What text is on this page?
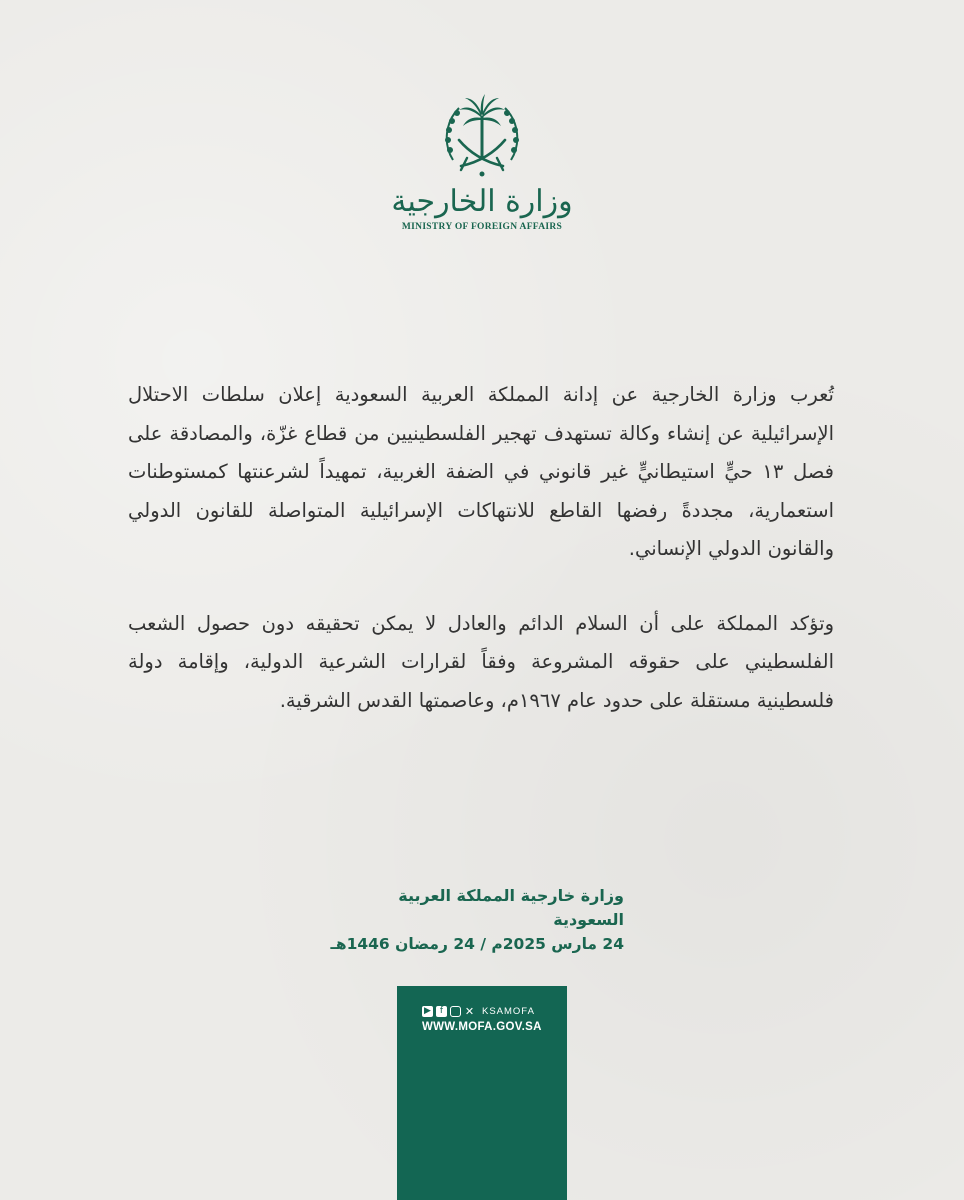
وزارة الخارجية
MINISTRY OF FOREIGN AFFAIRS

تُعرب وزارة الخارجية عن إدانة المملكة العربية السعودية إعلان سلطات الاحتلال الإسرائيلية عن إنشاء وكالة تستهدف تهجير الفلسطينيين من قطاع غزّة، والمصادقة على فصل ١٣ حيٍّ استيطانيٍّ غير قانوني في الضفة الغربية، تمهيداً لشرعنتها كمستوطنات استعمارية، مجددةً رفضها القاطع للانتهاكات الإسرائيلية المتواصلة للقانون الدولي والقانون الدولي الإنساني.

وتؤكد المملكة على أن السلام الدائم والعادل لا يمكن تحقيقه دون حصول الشعب الفلسطيني على حقوقه المشروعة وفقاً لقرارات الشرعية الدولية، وإقامة دولة فلسطينية مستقلة على حدود عام ١٩٦٧م، وعاصمتها القدس الشرقية.

وزارة خارجية المملكة العربية السعودية
24 مارس 2025م / 24 رمضان 1446هـ
▶ f	✕ KSAMOFA
WWW.MOFA.GOV.SA
